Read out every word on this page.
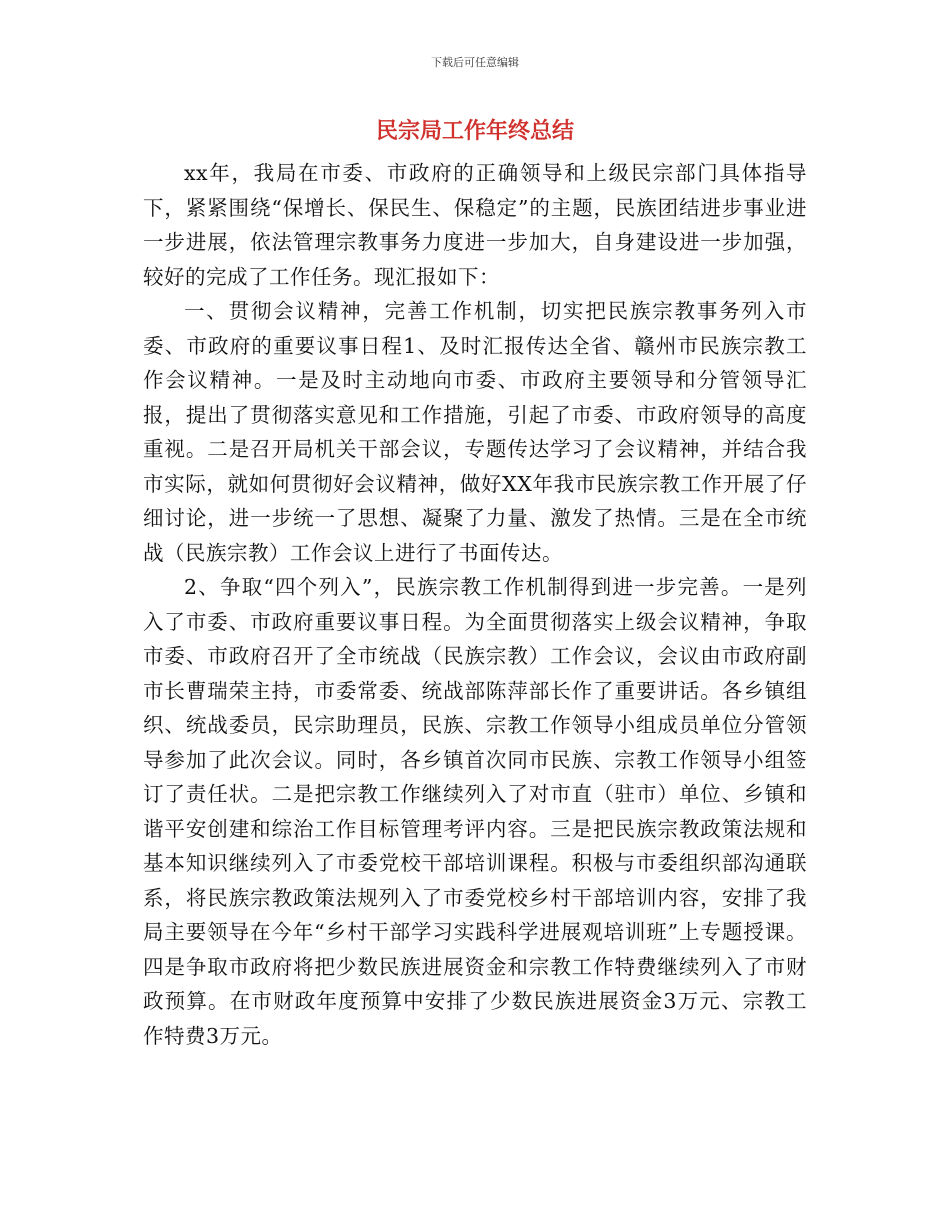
下载后可任意编辑
民宗局工作年终总结

xx年，我局在市委、市政府的正确领导和上级民宗部门具体指导下，紧紧围绕“保增长、保民生、保稳定”的主题，民族团结进步事业进一步进展，依法管理宗教事务力度进一步加大，自身建设进一步加强，较好的完成了工作任务。现汇报如下：

一、贯彻会议精神，完善工作机制，切实把民族宗教事务列入市委、市政府的重要议事日程1、及时汇报传达全省、赣州市民族宗教工作会议精神。一是及时主动地向市委、市政府主要领导和分管领导汇报，提出了贯彻落实意见和工作措施，引起了市委、市政府领导的高度重视。二是召开局机关干部会议，专题传达学习了会议精神，并结合我市实际，就如何贯彻好会议精神，做好XX年我市民族宗教工作开展了仔细讨论，进一步统一了思想、凝聚了力量、激发了热情。三是在全市统战（民族宗教）工作会议上进行了书面传达。

2、争取“四个列入”，民族宗教工作机制得到进一步完善。一是列入了市委、市政府重要议事日程。为全面贯彻落实上级会议精神，争取市委、市政府召开了全市统战（民族宗教）工作会议，会议由市政府副市长曹瑞荣主持，市委常委、统战部陈萍部长作了重要讲话。各乡镇组织、统战委员，民宗助理员，民族、宗教工作领导小组成员单位分管领导参加了此次会议。同时，各乡镇首次同市民族、宗教工作领导小组签订了责任状。二是把宗教工作继续列入了对市直（驻市）单位、乡镇和谐平安创建和综治工作目标管理考评内容。三是把民族宗教政策法规和基本知识继续列入了市委党校干部培训课程。积极与市委组织部沟通联系，将民族宗教政策法规列入了市委党校乡村干部培训内容，安排了我局主要领导在今年“乡村干部学习实践科学进展观培训班”上专题授课。四是争取市政府将把少数民族进展资金和宗教工作特费继续列入了市财政预算。在市财政年度预算中安排了少数民族进展资金3万元、宗教工作特费3万元。
